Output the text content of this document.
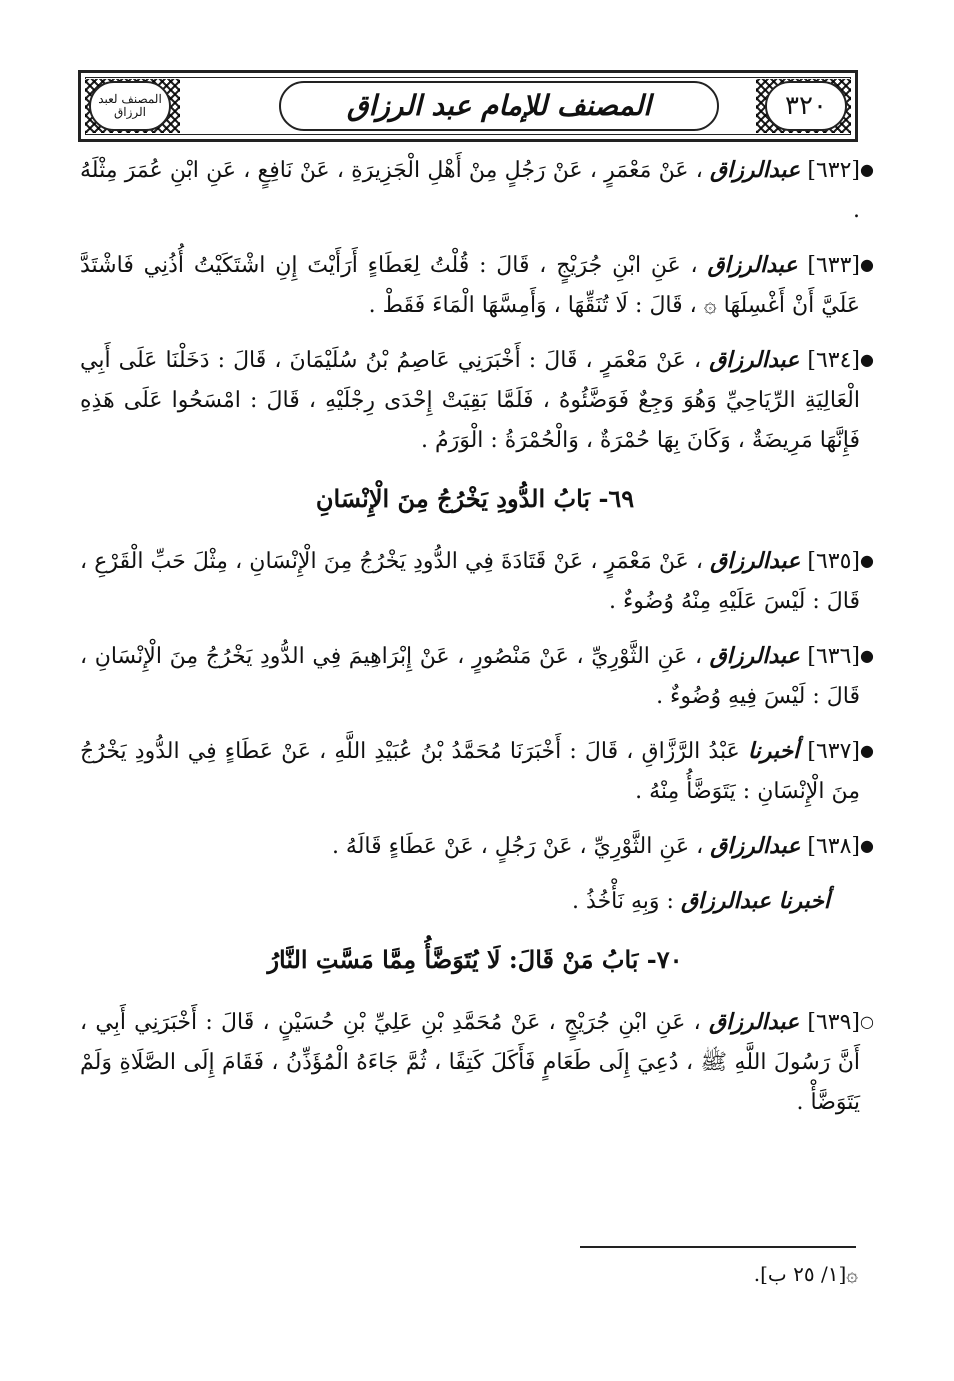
المصنف لعبد الرزاق	المصنف للإمام عبد الرزاق	٣٢٠
●
[٦٣٢] عبدالرزاق ، عَنْ مَعْمَرٍ ، عَنْ رَجُلٍ مِنْ أَهْلِ الْجَزِيرَةِ ، عَنْ نَافِعٍ ، عَنِ ابْنِ عُمَرَ مِثْلَهُ .
●
[٦٣٣] عبدالرزاق ، عَنِ ابْنِ جُرَيْجٍ ، قَالَ : قُلْتُ لِعَطَاءٍ أَرَأَيْتَ إِنِ اشْتَكَيْتُ أُذُنِي فَاشْتَدَّ عَلَيَّ أَنْ أَغْسِلَهَا ۞ ، قَالَ : لَا تُنَقِّهَا ، وَأَمِسَّهَا الْمَاءَ فَقَطْ .
●
[٦٣٤] عبدالرزاق ، عَنْ مَعْمَرٍ ، قَالَ : أَخْبَرَنِي عَاصِمُ بْنُ سُلَيْمَانَ ، قَالَ : دَخَلْنَا عَلَى أَبِي الْعَالِيَةِ الرِّيَاحِيِّ وَهُوَ وَجِعٌ فَوَضَّئُوهُ ، فَلَمَّا بَقِيَتْ إِحْدَى رِجْلَيْهِ ، قَالَ : امْسَحُوا عَلَى هَذِهِ فَإِنَّهَا مَرِيضَةٌ ، وَكَانَ بِهَا حُمْرَةٌ ، وَالْحُمْرَةُ : الْوَرَمُ .
٦٩- بَابُ الدُّودِ يَخْرُجُ مِنَ الْإِنْسَانِ
●
[٦٣٥] عبدالرزاق ، عَنْ مَعْمَرٍ ، عَنْ قَتَادَةَ فِي الدُّودِ يَخْرُجُ مِنَ الْإِنْسَانِ ، مِثْلَ حَبِّ الْقَرْعِ ، قَالَ : لَيْسَ عَلَيْهِ مِنْهُ وُضُوءٌ .
●
[٦٣٦] عبدالرزاق ، عَنِ الثَّوْرِيِّ ، عَنْ مَنْصُورٍ ، عَنْ إِبْرَاهِيمَ فِي الدُّودِ يَخْرُجُ مِنَ الْإِنْسَانِ ، قَالَ : لَيْسَ فِيهِ وُضُوءٌ .
●
[٦٣٧] أخبرنا عَبْدُ الرَّزَّاقِ ، قَالَ : أَخْبَرَنَا مُحَمَّدُ بْنُ عُبَيْدِ اللَّهِ ، عَنْ عَطَاءٍ فِي الدُّودِ يَخْرُجُ مِنَ الْإِنْسَانِ : يَتَوَضَّأُ مِنْهُ .
●
[٦٣٨] عبدالرزاق ، عَنِ الثَّوْرِيِّ ، عَنْ رَجُلٍ ، عَنْ عَطَاءٍ قَالَهُ .
أخبرنا عبدالرزاق : وَبِهِ نَأْخُذُ .
٧٠- بَابُ مَنْ قَالَ: لَا يُتَوَضَّأُ مِمَّا مَسَّتِ النَّارُ
○
[٦٣٩] عبدالرزاق ، عَنِ ابْنِ جُرَيْجٍ ، عَنْ مُحَمَّدِ بْنِ عَلِيِّ بْنِ حُسَيْنٍ ، قَالَ : أَخْبَرَنِي أَبِي ، أَنَّ رَسُولَ اللَّهِ ﷺ ، دُعِيَ إِلَى طَعَامٍ فَأَكَلَ كَتِفًا ، ثُمَّ جَاءَهُ الْمُؤَذِّنُ ، فَقَامَ إِلَى الصَّلَاةِ وَلَمْ يَتَوَضَّأْ .
۞[١/ ٢٥ ب].
